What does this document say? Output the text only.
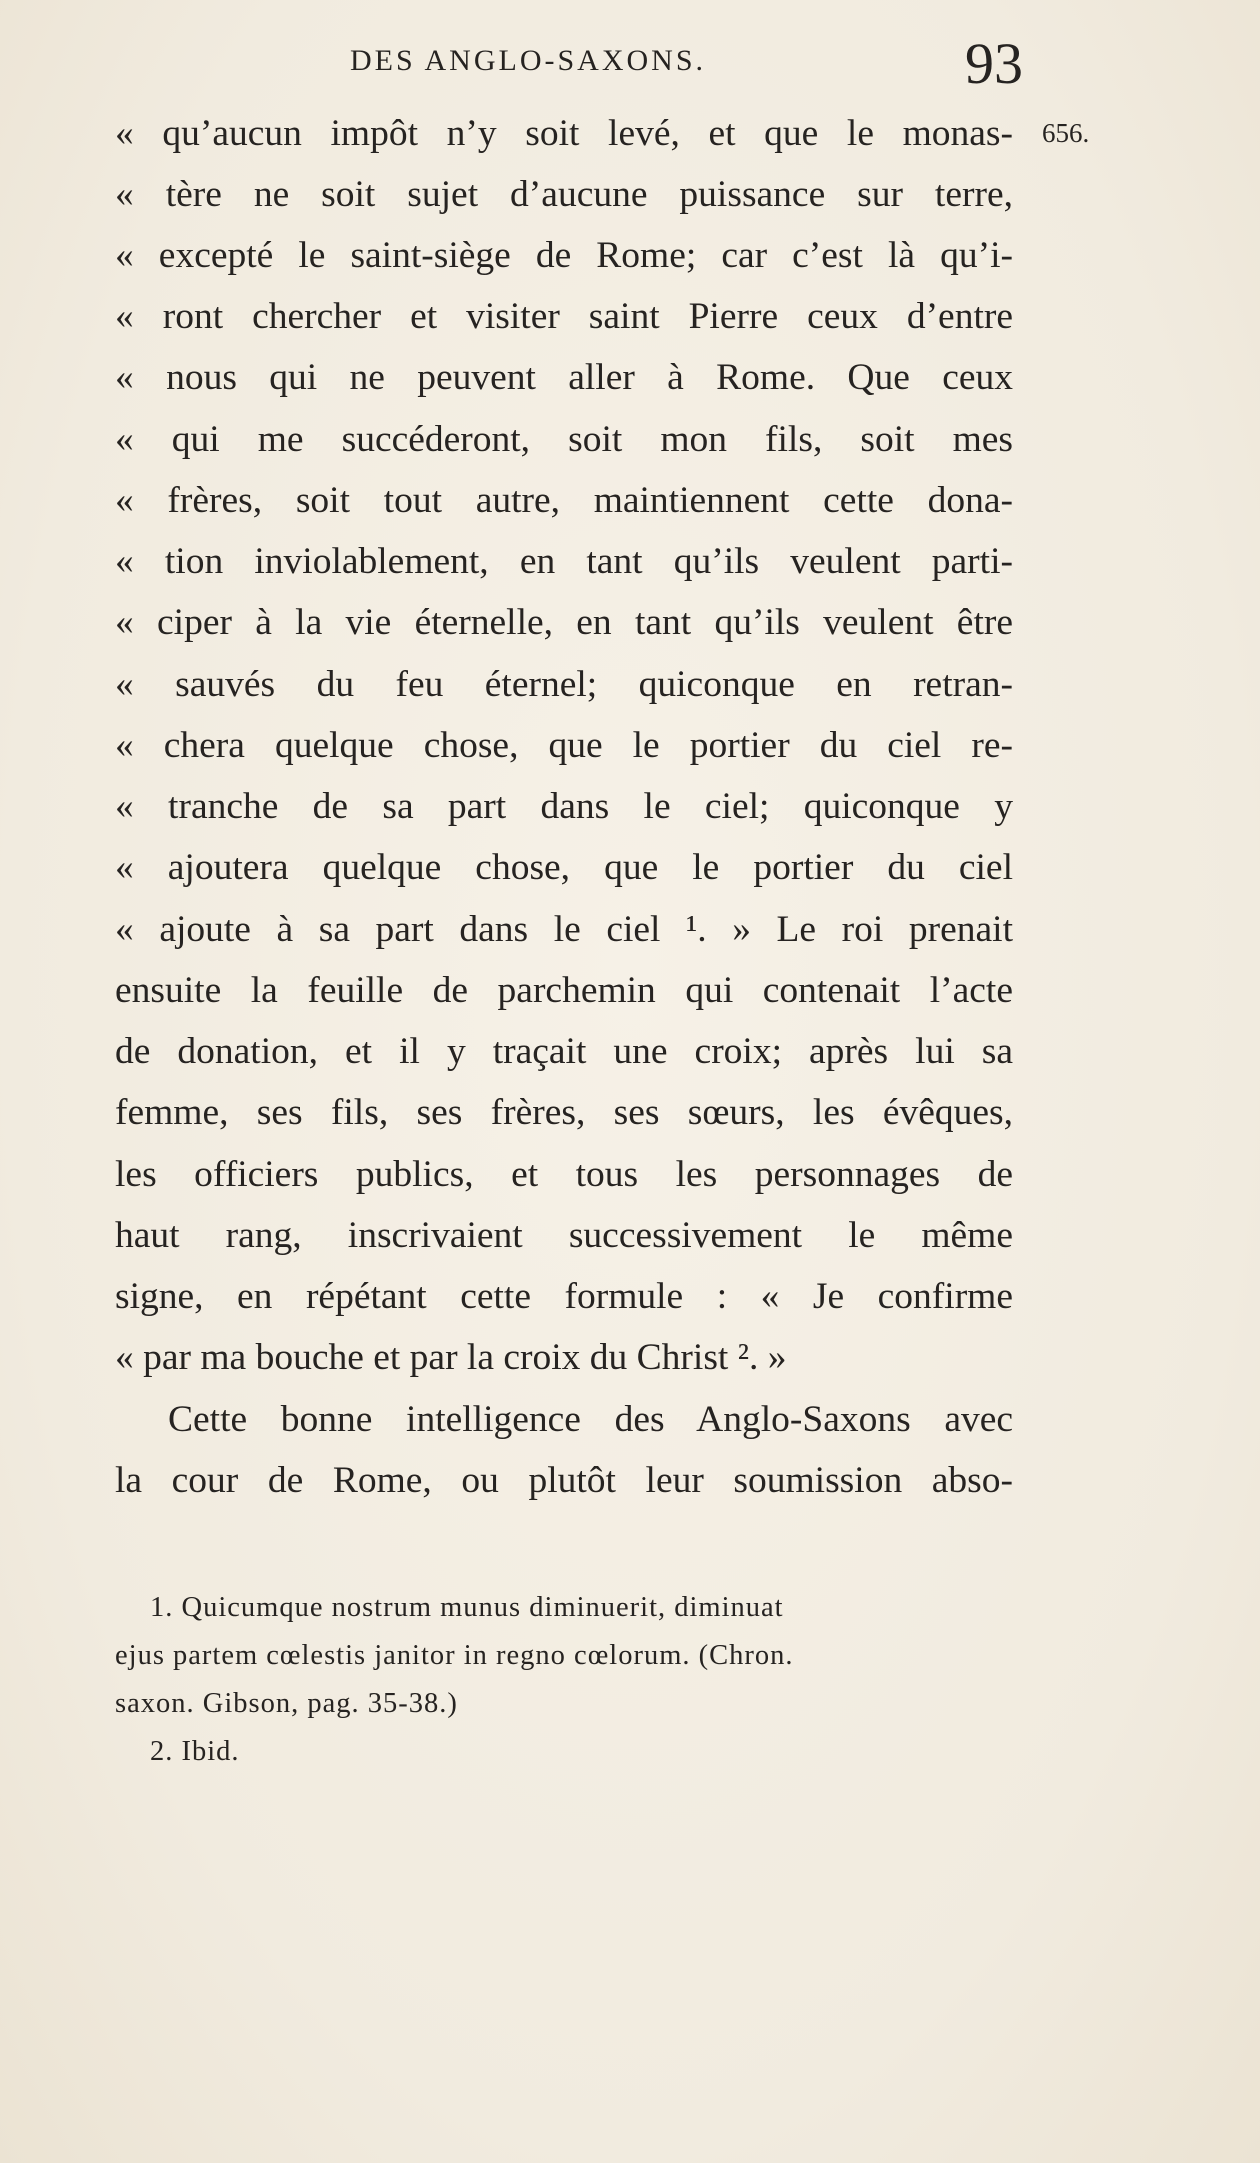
DES ANGLO-SAXONS.	93
656.
« qu’aucun impôt n’y soit levé, et que le monas-
« tère ne soit sujet d’aucune puissance sur terre,
« excepté le saint-siège de Rome; car c’est là qu’i-
« ront chercher et visiter saint Pierre ceux d’entre
« nous qui ne peuvent aller à Rome. Que ceux
« qui me succéderont, soit mon fils, soit mes
« frères, soit tout autre, maintiennent cette dona-
« tion inviolablement, en tant qu’ils veulent parti-
« ciper à la vie éternelle, en tant qu’ils veulent être
« sauvés du feu éternel; quiconque en retran-
« chera quelque chose, que le portier du ciel re-
« tranche de sa part dans le ciel; quiconque y
« ajoutera quelque chose, que le portier du ciel
« ajoute à sa part dans le ciel ¹. » Le roi prenait
ensuite la feuille de parchemin qui contenait l’acte
de donation, et il y traçait une croix; après lui sa
femme, ses fils, ses frères, ses sœurs, les évêques,
les officiers publics, et tous les personnages de
haut rang, inscrivaient successivement le même
signe, en répétant cette formule : « Je confirme
« par ma bouche et par la croix du Christ ². »
Cette bonne intelligence des Anglo-Saxons avec
la cour de Rome, ou plutôt leur soumission abso-
1. Quicumque nostrum munus diminuerit, diminuat
ejus partem cœlestis janitor in regno cœlorum. (Chron.
saxon. Gibson, pag. 35-38.)
2. Ibid.
